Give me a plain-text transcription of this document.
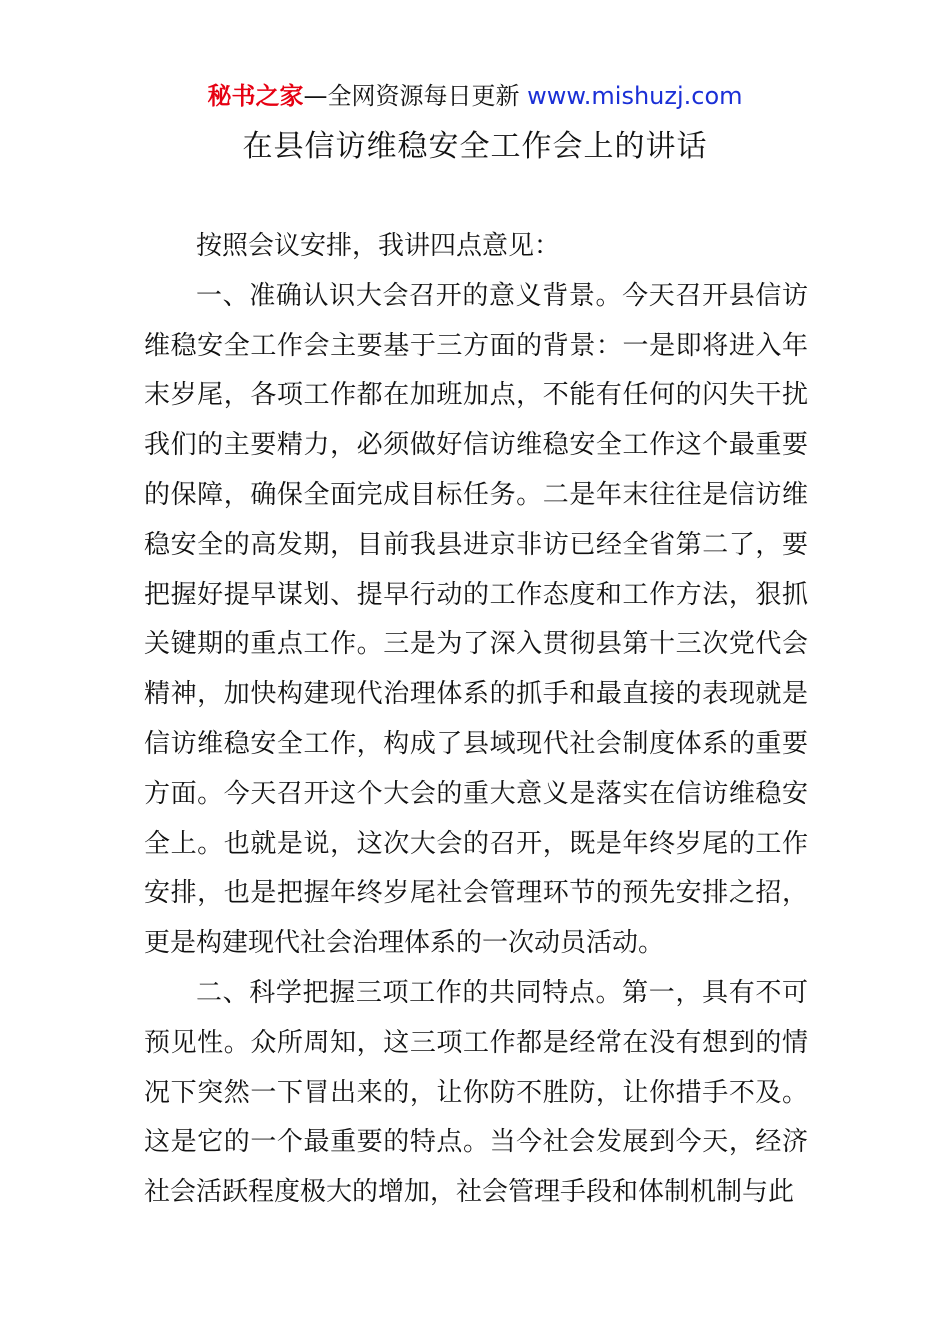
秘书之家—全网资源每日更新 www.mishuzj.com
在县信访维稳安全工作会上的讲话

按照会议安排，我讲四点意见：

一、准确认识大会召开的意义背景。今天召开县信访维稳安全工作会主要基于三方面的背景：一是即将进入年末岁尾，各项工作都在加班加点，不能有任何的闪失干扰我们的主要精力，必须做好信访维稳安全工作这个最重要的保障，确保全面完成目标任务。二是年末往往是信访维稳安全的高发期，目前我县进京非访已经全省第二了，要把握好提早谋划、提早行动的工作态度和工作方法，狠抓关键期的重点工作。三是为了深入贯彻县第十三次党代会精神，加快构建现代治理体系的抓手和最直接的表现就是信访维稳安全工作，构成了县域现代社会制度体系的重要方面。今天召开这个大会的重大意义是落实在信访维稳安全上。也就是说，这次大会的召开，既是年终岁尾的工作安排，也是把握年终岁尾社会管理环节的预先安排之招，更是构建现代社会治理体系的一次动员活动。

二、科学把握三项工作的共同特点。第一，具有不可预见性。众所周知，这三项工作都是经常在没有想到的情况下突然一下冒出来的，让你防不胜防，让你措手不及。这是它的一个最重要的特点。当今社会发展到今天，经济社会活跃程度极大的增加，社会管理手段和体制机制与此
